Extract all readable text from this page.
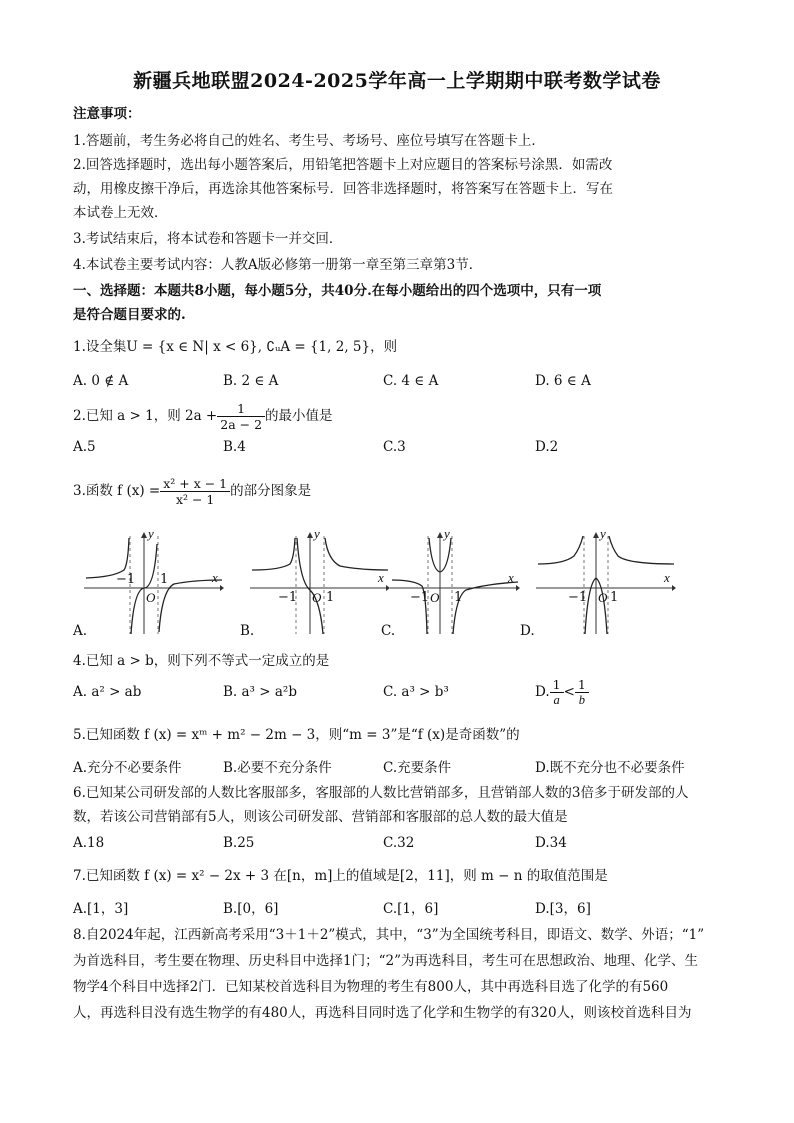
新疆兵地联盟2024-2025学年高一上学期期中联考数学试卷
注意事项：
1.答题前，考生务必将自己的姓名、考生号、考场号、座位号填写在答题卡上．
2.回答选择题时，选出每小题答案后，用铅笔把答题卡上对应题目的答案标号涂黑．如需改
动，用橡皮擦干净后，再选涂其他答案标号．回答非选择题时，将答案写在答题卡上．写在
本试卷上无效．
3.考试结束后，将本试卷和答题卡一并交回．
4.本试卷主要考试内容：人教A版必修第一册第一章至第三章第3节．
一、选择题：本题共8小题，每小题5分，共40分.在每小题给出的四个选项中，只有一项
是符合题目要求的.
1.设全集U = {x ∈ N| x < 6}, ∁ᵤA = {1, 2, 5}，则
A. 0 ∉ A	B. 2 ∈ A	C. 4 ∈ A	D. 6 ∈ A
2.已知 a > 1，则 $2a + \frac{1}{2a - 2}$ 的最小值是
A.5	B.4	C.3	D.2
3.函数 f $(x) = \frac{\text{x² + x − 1}}{\text{x² − 1}}$ 的部分图象是
y
x
−1 1
O
y
x
−1 1
O
y
x
−1 1
O
y
x
−1 1
O
A.	B.	C.	D.
4.已知 a > b，则下列不等式一定成立的是
A. a² > ab	B. a³ > a²b	C. a³ > b³	D. $\frac{1}{a} < \frac{1}{b}$
5.已知函数 f (x) = xᵐ + m² − 2m − 3，则“m = 3”是“f (x)是奇函数”的
A.充分不必要条件	B.必要不充分条件	C.充要条件	D.既不充分也不必要条件
6.已知某公司研发部的人数比客服部多，客服部的人数比营销部多，且营销部人数的3倍多于研发部的人
数，若该公司营销部有5人，则该公司研发部、营销部和客服部的总人数的最大值是
A.18	B.25	C.32	D.34
7.已知函数 f (x) = x² − 2x + 3 在[n，m]上的值域是[2，11]，则 m − n 的取值范围是
A.[1，3]	B.[0，6]	C.[1，6]	D.[3，6]
8.自2024年起，江西新高考采用“3＋1＋2”模式，其中，“3”为全国统考科目，即语文、数学、外语；“1”
为首选科目，考生要在物理、历史科目中选择1门；“2”为再选科目，考生可在思想政治、地理、化学、生
物学4个科目中选择2门．已知某校首选科目为物理的考生有800人，其中再选科目选了化学的有560
人，再选科目没有选生物学的有480人，再选科目同时选了化学和生物学的有320人，则该校首选科目为
